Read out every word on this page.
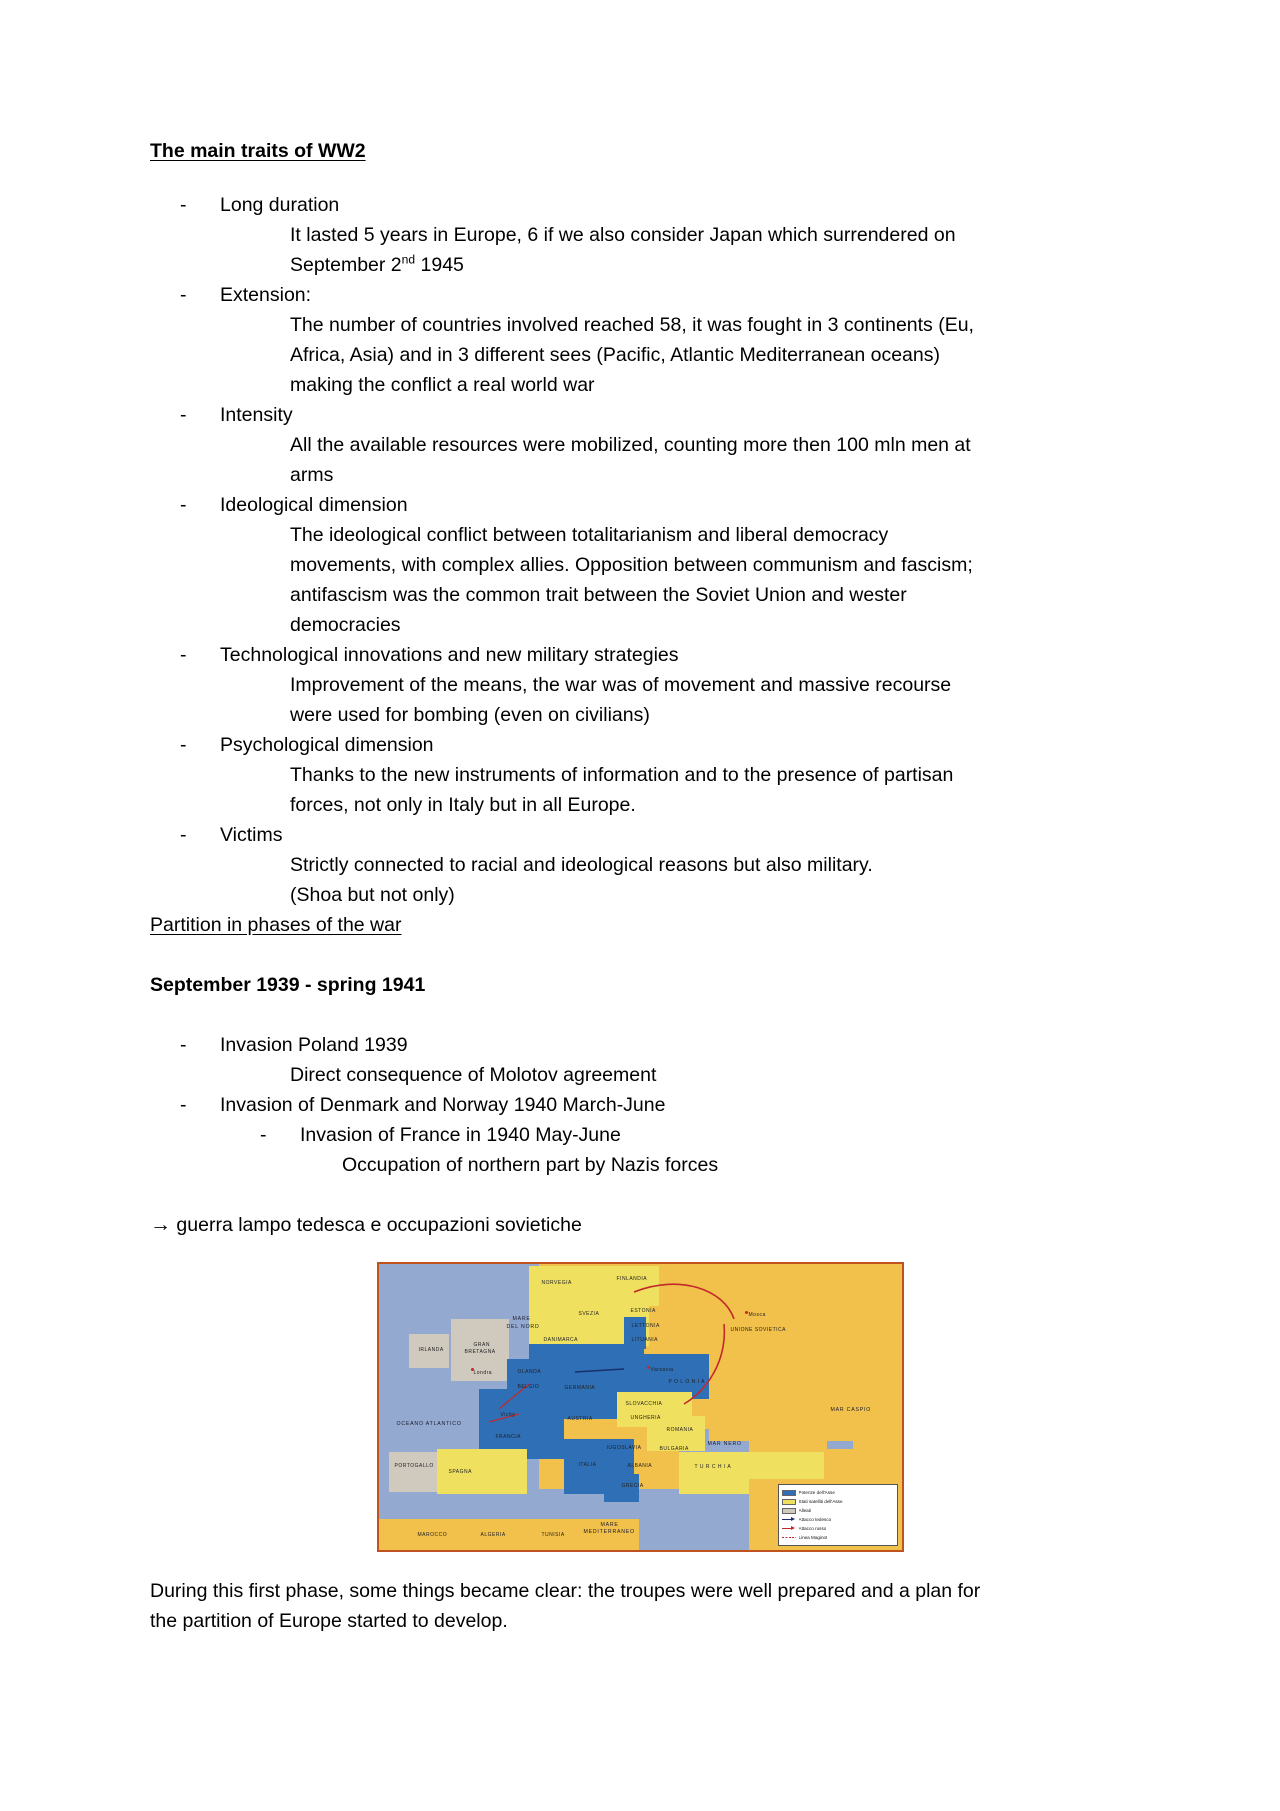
The main traits of WW2
-	Long duration
It lasted 5 years in Europe, 6 if we also consider Japan which surrendered on
September 2nd 1945
-	Extension:
The number of countries involved reached 58, it was fought in 3 continents (Eu, Africa, Asia) and in 3 different sees (Pacific, Atlantic Mediterranean oceans) making the conflict a real world war
-	Intensity
All the available resources were mobilized, counting more then 100 mln men at arms
-	Ideological dimension
The ideological conflict between totalitarianism and liberal democracy movements, with complex allies. Opposition between communism and fascism; antifascism was the common trait between the Soviet Union and wester democracies
-	Technological innovations and new military strategies
Improvement of the means, the war was of movement and massive recourse were used for bombing (even on civilians)
-	Psychological dimension
Thanks to the new instruments of information and to the presence of partisan forces, not only in Italy but in all Europe.
-	Victims
Strictly connected to racial and ideological reasons but also military.
(Shoa but not only)
Partition in phases of the war
September 1939 - spring 1941
-	Invasion Poland 1939
Direct consequence of Molotov agreement
-	Invasion of Denmark and Norway 1940 March-June
-	Invasion of France in 1940 May-June
Occupation of northern part by Nazis forces
→ guerra lampo tedesca e occupazioni sovietiche
MARE
DEL NORD
OCEANO ATLANTICO
MAR NERO
MAR CASPIO
MARE
MEDITERRANEO
NORVEGIA
FINLANDIA
SVEZIA	ESTONIA
LETTONIA
LITUANIA
DANIMARCA
IRLANDA
GRAN
BRETAGNA
Londra	OLANDA
BELGIO	GERMANIA
Varsavia
P O L O N I A
UNIONE SOVIETICA
Mosca
SLOVACCHIA
Vichy
AUSTRIA	UNGHERIA
ROMANIA
FRANCIA
IUGOSLAVIA	BULGARIA
PORTOGALLO
SPAGNA
ITALIA	ALBANIA	T U R C H I A
GRECIA
MAROCCO	ALGERIA	TUNISIA
Potenze dell'Asse
Stati satelliti dell'Asse
Alleati
Attacco tedesco
Attacco russo
Linea Maginot

During this first phase, some things became clear: the troupes were well prepared and a plan for the partition of Europe started to develop.
